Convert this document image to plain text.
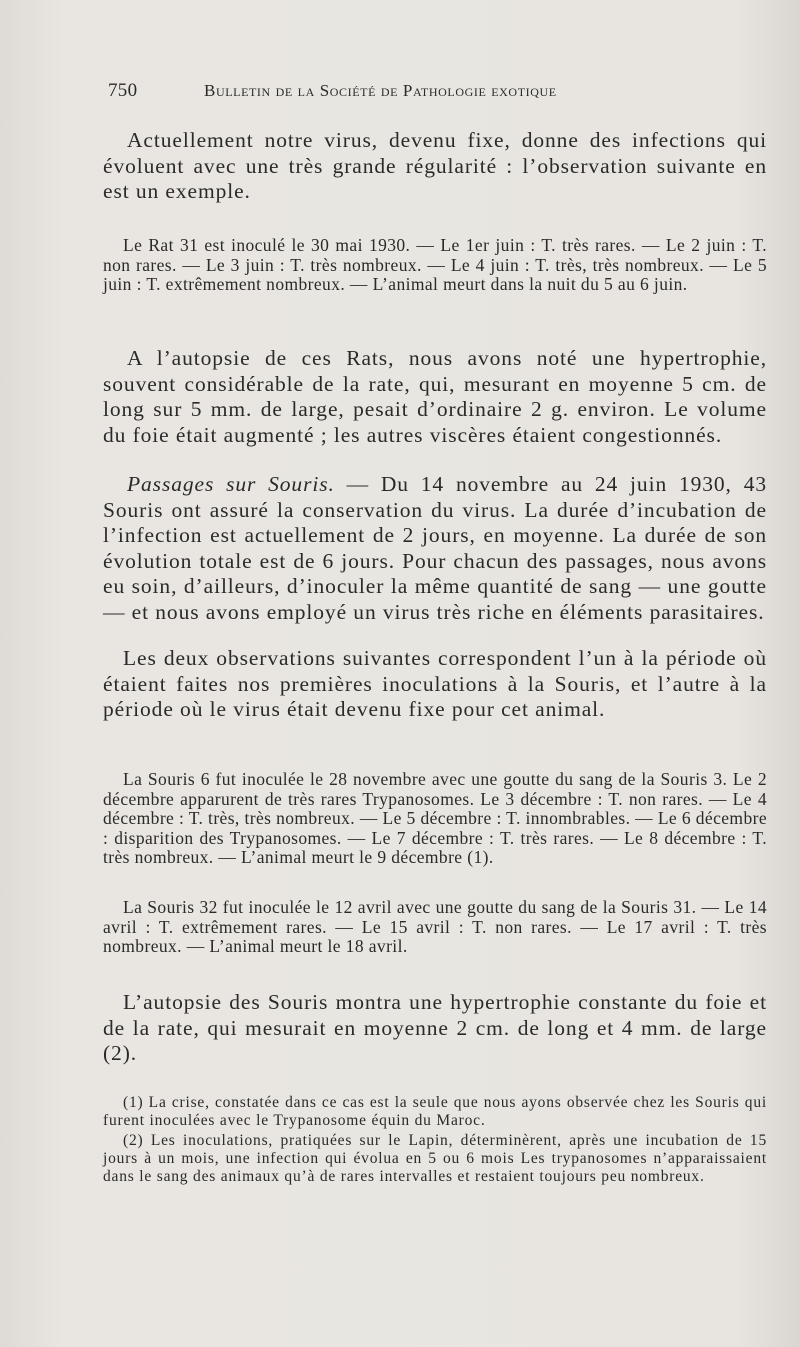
750	Bulletin de la Société de Pathologie exotique

Actuellement notre virus, devenu fixe, donne des infections qui évoluent avec une très grande régularité : l’observation suivante en est un exemple.

Le Rat 31 est inoculé le 30 mai 1930. — Le 1er juin : T. très rares. — Le 2 juin : T. non rares. — Le 3 juin : T. très nombreux. — Le 4 juin : T. très, très nombreux. — Le 5 juin : T. extrêmement nombreux. — L’animal meurt dans la nuit du 5 au 6 juin.

A l’autopsie de ces Rats, nous avons noté une hypertrophie, souvent considérable de la rate, qui, mesurant en moyenne 5 cm. de long sur 5 mm. de large, pesait d’ordinaire 2 g. environ. Le volume du foie était augmenté ; les autres viscères étaient congestionnés.

Passages sur Souris. — Du 14 novembre au 24 juin 1930, 43 Souris ont assuré la conservation du virus. La durée d’incubation de l’infection est actuellement de 2 jours, en moyenne. La durée de son évolution totale est de 6 jours. Pour chacun des passages, nous avons eu soin, d’ailleurs, d’inoculer la même quantité de sang — une goutte — et nous avons employé un virus très riche en éléments parasitaires.

Les deux observations suivantes correspondent l’un à la période où étaient faites nos premières inoculations à la Souris, et l’autre à la période où le virus était devenu fixe pour cet animal.

La Souris 6 fut inoculée le 28 novembre avec une goutte du sang de la Souris 3. Le 2 décembre apparurent de très rares Trypanosomes. Le 3 décembre : T. non rares. — Le 4 décembre : T. très, très nombreux. — Le 5 décembre : T. innombrables. — Le 6 décembre : disparition des Trypanosomes. — Le 7 décembre : T. très rares. — Le 8 décembre : T. très nombreux. — L’animal meurt le 9 décembre (1).

La Souris 32 fut inoculée le 12 avril avec une goutte du sang de la Souris 31. — Le 14 avril : T. extrêmement rares. — Le 15 avril : T. non rares. — Le 17 avril : T. très nombreux. — L’animal meurt le 18 avril.

L’autopsie des Souris montra une hypertrophie constante du foie et de la rate, qui mesurait en moyenne 2 cm. de long et 4 mm. de large (2).

(1) La crise, constatée dans ce cas est la seule que nous ayons observée chez les Souris qui furent inoculées avec le Trypanosome équin du Maroc.

(2) Les inoculations, pratiquées sur le Lapin, déterminèrent, après une incubation de 15 jours à un mois, une infection qui évolua en 5 ou 6 mois Les trypanosomes n’apparaissaient dans le sang des animaux qu’à de rares intervalles et restaient toujours peu nombreux.
